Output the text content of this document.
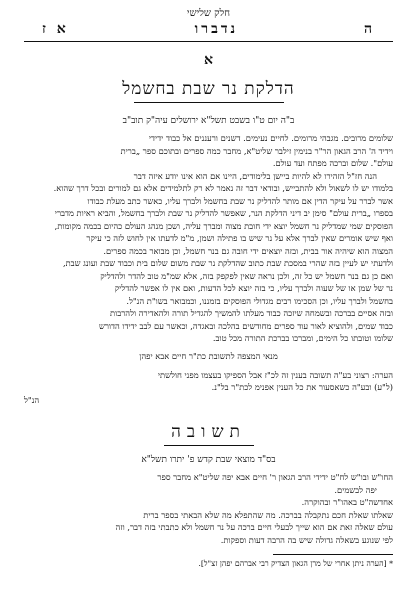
חלק שלישי
ה
נדברו
א ז
א
הדלקת נר שבת בחשמל
ב"ה יום ט"ו בשבט תשל"א ירושלים עיה"ק תוב"ב

שלומים מרובים. מגבהי מרומים. לחיים נעימים. דשנים ורעננים אל כבוד ידידי

וידיד ה' הרב הגאון הר"ר בנימין זילבר שליט"א, מחבר כמה ספרים ובתוכם ספר „ברית

עולם". שלום וברכה מפתח ועד עולם.

הנה חז"ל הזהירו לא להיות ביישן בלימודים, היינו אם הוא אינו יודע איזה דבר

בלמודו יש לו לשאול ולא להתבייש, ובודאי דבר זה נאמר לא רק לתלמידים אלא גם למורים ובכל דרך שהוא.

אשר לברר על עיקר הדין אם מותר להדליק נר שבת בחשמל ולברך עליו, כאשר כתב מעלת כבודו

בספרו „ברית עולם" סימן יב דיני הדלקת הנר, שאפשר להדליק נר שבת ולברך בחשמל, והביא ראיות מדברי

הפוסקים שמי שמדליק נר חשמל יוצא ידי חובת מצוה ומברך עליה, ושכן מנהג העולם כהיום בכמה מקומות,

ואף שיש אומרים שאין לברך אלא על נר שיש בו פתילה ושמן, מ"מ לדעתו אין לחוש לזה כי עיקר

המצוה הוא שיהיה אור בבית, ובזה יוצאים ידי חובה גם בנר חשמל, וכן מבואר בכמה ספרים.

ולדעתי יש לעיין בזה שהרי במסכת שבת כתוב שהדלקת נר שבת משום שלום בית וכבוד שבת ועונג שבת,

ואם כן גם בנר חשמל יש כל זה, ולכן נראה שאין לפקפק בזה, אלא שמ"מ טוב להדר ולהדליק

נר של שמן או של שעוה ולברך עליו, כי בזה יוצא לכל הדעות, ואם אין לו אפשר להדליק

בחשמל ולברך עליו, וכן הסכימו רבים מגדולי הפוסקים בזמננו, וכמבואר בשו"ת הנ"ל.

ובזה אסיים בברכה ובשמחה שיזכה כבוד מעלתו להמשיך להגדיל תורה ולהאדירה ולהרבות

כבוד שמים, ולהוציא לאור עוד ספרים מחודשים בהלכה ובאגדה, וכאשר עם לבב ידידו הדורש

שלומו וטובתו כל הימים, ומברכו בברכת התורה מכל טוב.

מנאי המצפה לתשובת כת"ר חיים אבא יפהן

הערה: רצוני בע"ה תשובה בענין זה לכ"ז אבל הספיקו בעצמו מפני חולשתי

(ל"ע) ובע"ה כשאסעור את כל הענין אפנימ לכת"ר בל"נ.

הנ"ל

תשובה
בס"ד מוצאי שבת קדש פ' יתרו תשל"א

החו"ש ובו"ש לח"ט ידידי הרב הגאון ר' חיים אבא יפה שליט"א מחבר ספר

יפה לבשמים.

אחדשה"ט באהו"ר ובהוקרה.

שאלתו שאלת חכם נתקבלה בברכה. מה שהתפלא מה שלא הבאתי בספר ברית

עולם שאלה זאת אם הוא שייך לבעלי חיים ברכה על נר חשמל ולא כתבתי בזה דבר, וזה

לפי שנוגע בשאלה גדולה שיש בה הרבה דעות וספקות.

* [הערה ניתן אחרי של מרן הגאון הצדיק רבי אברהם יפהן זצ"ל].
